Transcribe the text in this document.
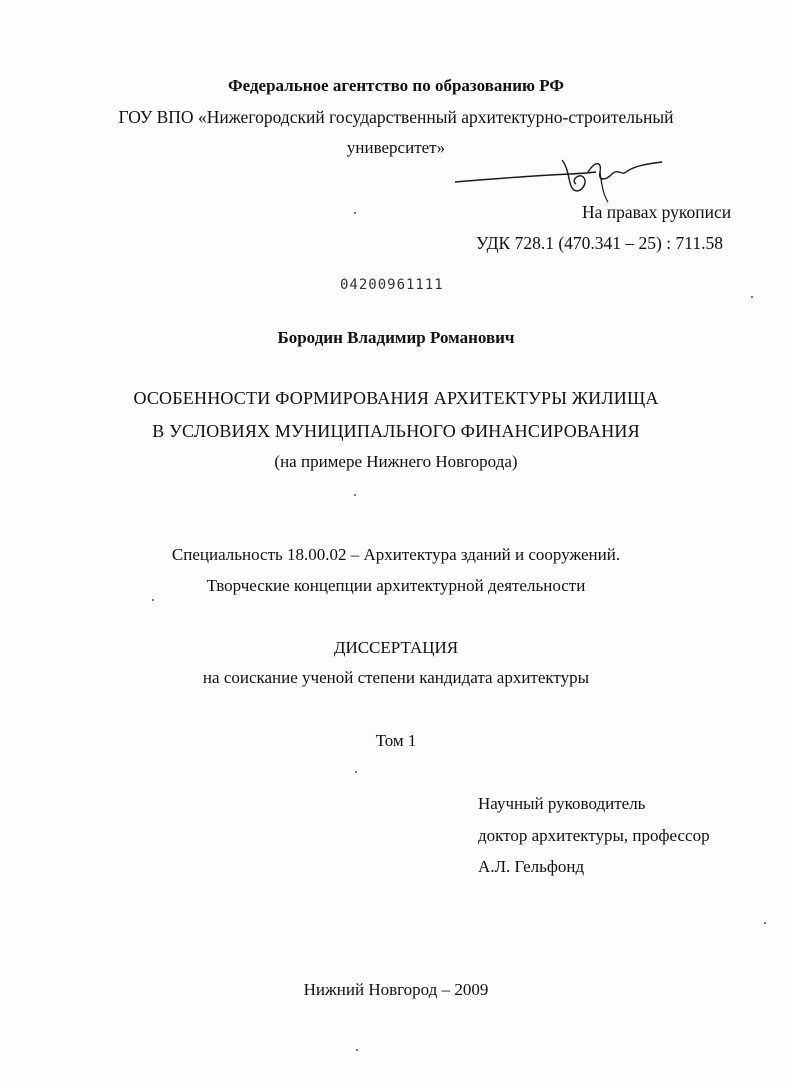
Федеральное агентство по образованию РФ
ГОУ ВПО «Нижегородский государственный архитектурно-строительный
университет»
На правах рукописи
УДК 728.1 (470.341 – 25) : 711.58
04200961111
Бородин Владимир Романович
ОСОБЕННОСТИ ФОРМИРОВАНИЯ АРХИТЕКТУРЫ ЖИЛИЩА
В УСЛОВИЯХ МУНИЦИПАЛЬНОГО ФИНАНСИРОВАНИЯ
(на примере Нижнего Новгорода)
Специальность 18.00.02 – Архитектура зданий и сооружений.
Творческие концепции архитектурной деятельности
ДИССЕРТАЦИЯ
на соискание ученой степени кандидата архитектуры
Том 1
Научный руководитель
доктор архитектуры, профессор
А.Л. Гельфонд
Нижний Новгород – 2009
